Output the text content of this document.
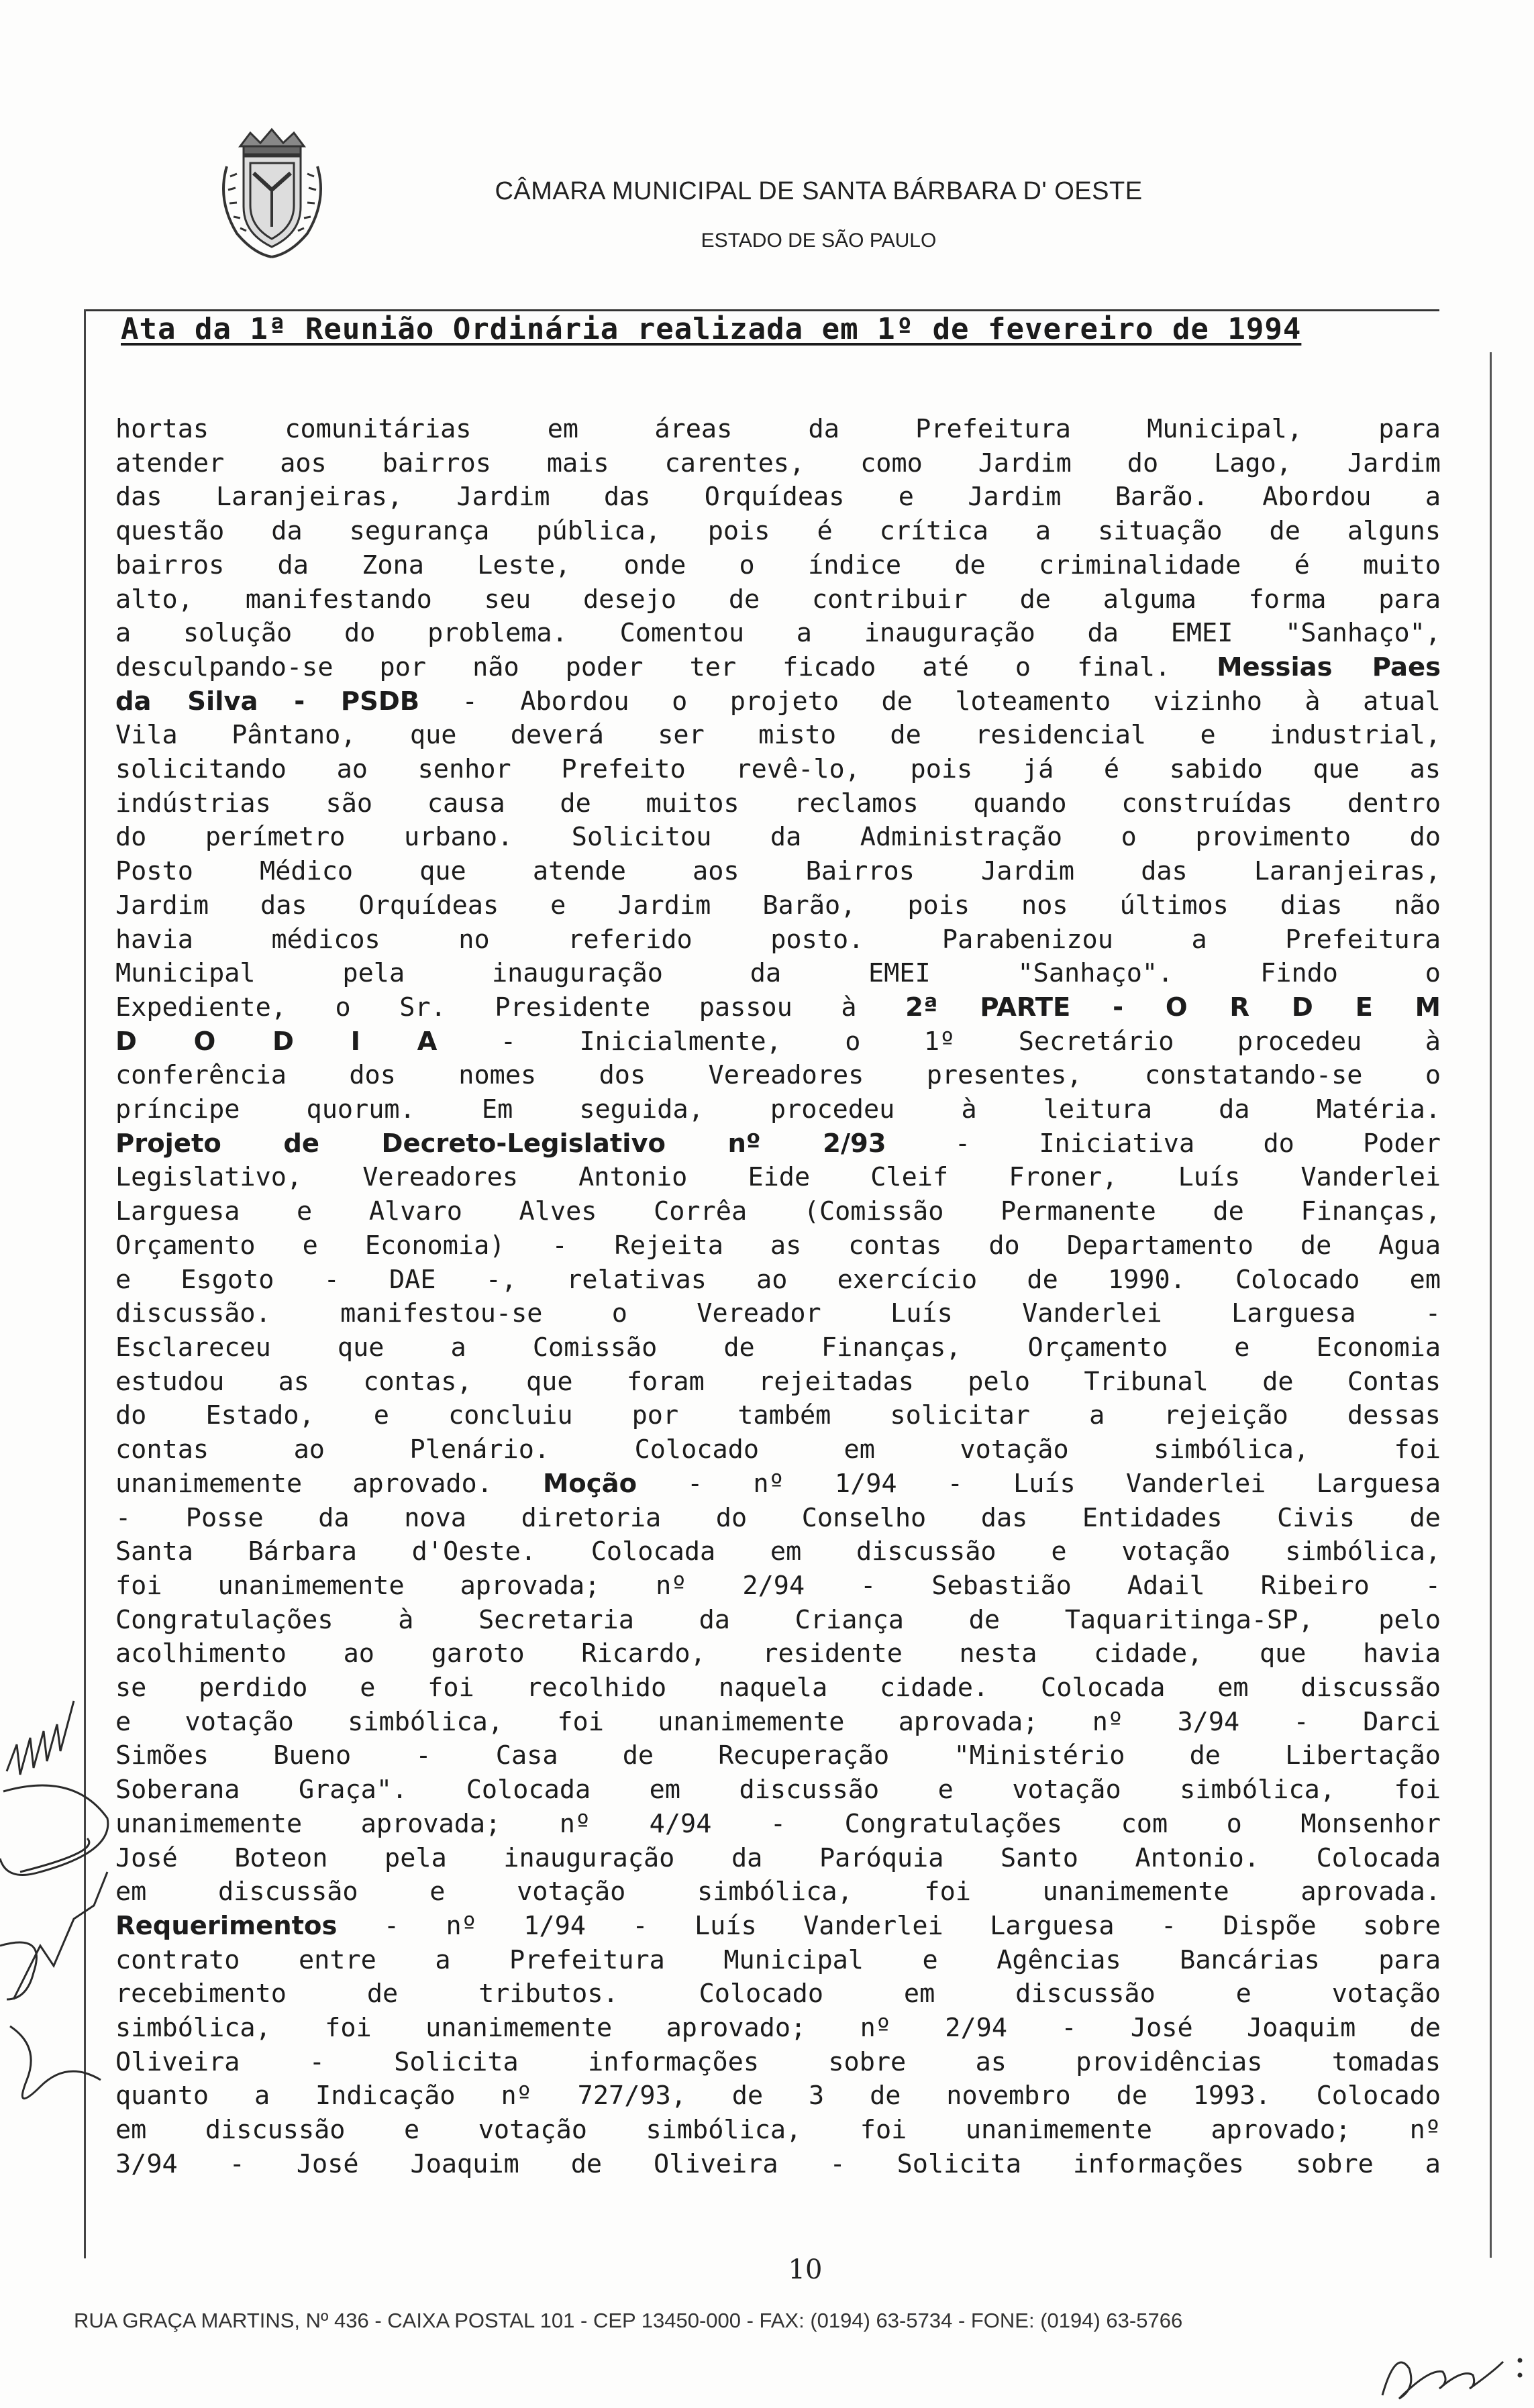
CÂMARA MUNICIPAL DE SANTA BÁRBARA D' OESTE
ESTADO DE SÃO PAULO
Ata da 1ª Reunião Ordinária realizada em 1º de fevereiro de 1994
hortas comunitárias em áreas da Prefeitura Municipal, para
atender aos bairros mais carentes, como Jardim do Lago, Jardim
das Laranjeiras, Jardim das Orquídeas e Jardim Barão. Abordou a
questão da segurança pública, pois é crítica a situação de alguns
bairros da Zona Leste, onde o índice de criminalidade é muito
alto, manifestando seu desejo de contribuir de alguma forma para
a solução do problema. Comentou a inauguração da EMEI "Sanhaço",
desculpando-se por não poder ter ficado até o final. Messias Paes
da Silva - PSDB - Abordou o projeto de loteamento vizinho à atual
Vila Pântano, que deverá ser misto de residencial e industrial,
solicitando ao senhor Prefeito revê-lo, pois já é sabido que as
indústrias são causa de muitos reclamos quando construídas dentro
do perímetro urbano. Solicitou da Administração o provimento do
Posto Médico que atende aos Bairros Jardim das Laranjeiras,
Jardim das Orquídeas e Jardim Barão, pois nos últimos dias não
havia médicos no referido posto. Parabenizou a Prefeitura
Municipal pela inauguração da EMEI "Sanhaço". Findo o
Expediente, o Sr. Presidente passou à 2ª PARTE - O R D E M
D O D I A - Inicialmente, o 1º Secretário procedeu à
conferência dos nomes dos Vereadores presentes, constatando-se o
príncipe quorum. Em seguida, procedeu à leitura da Matéria.
Projeto de Decreto-Legislativo nº 2/93 - Iniciativa do Poder
Legislativo, Vereadores Antonio Eide Cleif Froner, Luís Vanderlei
Larguesa e Alvaro Alves Corrêa (Comissão Permanente de Finanças,
Orçamento e Economia) - Rejeita as contas do Departamento de Agua
e Esgoto - DAE -, relativas ao exercício de 1990. Colocado em
discussão. manifestou-se o Vereador Luís Vanderlei Larguesa -
Esclareceu que a Comissão de Finanças, Orçamento e Economia
estudou as contas, que foram rejeitadas pelo Tribunal de Contas
do Estado, e concluiu por também solicitar a rejeição dessas
contas ao Plenário. Colocado em votação simbólica, foi
unanimemente aprovado. Moção - nº 1/94 - Luís Vanderlei Larguesa
- Posse da nova diretoria do Conselho das Entidades Civis de
Santa Bárbara d'Oeste. Colocada em discussão e votação simbólica,
foi unanimemente aprovada; nº 2/94 - Sebastião Adail Ribeiro -
Congratulações à Secretaria da Criança de Taquaritinga-SP, pelo
acolhimento ao garoto Ricardo, residente nesta cidade, que havia
se perdido e foi recolhido naquela cidade. Colocada em discussão
e votação simbólica, foi unanimemente aprovada; nº 3/94 - Darci
Simões Bueno - Casa de Recuperação "Ministério de Libertação
Soberana Graça". Colocada em discussão e votação simbólica, foi
unanimemente aprovada; nº 4/94 - Congratulações com o Monsenhor
José Boteon pela inauguração da Paróquia Santo Antonio. Colocada
em discussão e votação simbólica, foi unanimemente aprovada.
Requerimentos - nº 1/94 - Luís Vanderlei Larguesa - Dispõe sobre
contrato entre a Prefeitura Municipal e Agências Bancárias para
recebimento de tributos. Colocado em discussão e votação
simbólica, foi unanimemente aprovado; nº 2/94 - José Joaquim de
Oliveira - Solicita informações sobre as providências tomadas
quanto a Indicação nº 727/93, de 3 de novembro de 1993. Colocado
em discussão e votação simbólica, foi unanimemente aprovado; nº
3/94 - José Joaquim de Oliveira - Solicita informações sobre a
10
RUA GRAÇA MARTINS, Nº 436 - CAIXA POSTAL 101 - CEP 13450-000 - FAX: (0194) 63-5734 - FONE: (0194) 63-5766
